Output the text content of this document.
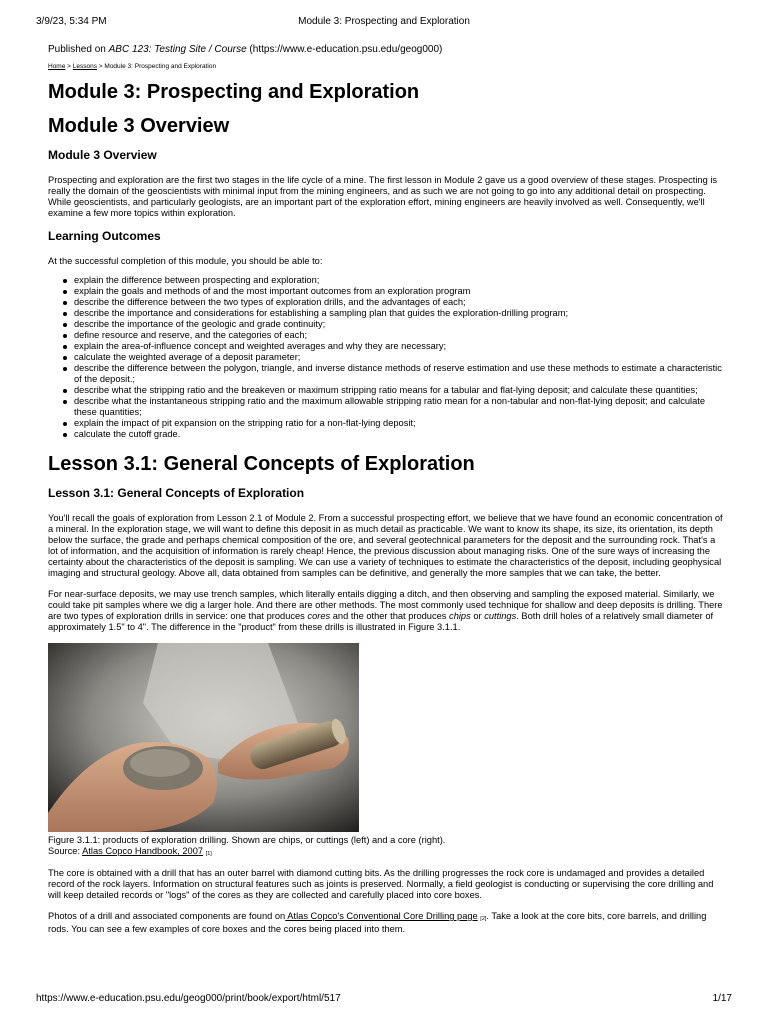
3/9/23, 5:34 PM	Module 3: Prospecting and Exploration
Published on ABC 123: Testing Site / Course (https://www.e-education.psu.edu/geog000)
Home > Lessons > Module 3: Prospecting and Exploration
Module 3: Prospecting and Exploration
Module 3 Overview
Module 3 Overview

Prospecting and exploration are the first two stages in the life cycle of a mine. The first lesson in Module 2 gave us a good overview of these stages. Prospecting is really the domain of the geoscientists with minimal input from the mining engineers, and as such we are not going to go into any additional detail on prospecting. While geoscientists, and particularly geologists, are an important part of the exploration effort, mining engineers are heavily involved as well. Consequently, we'll examine a few more topics within exploration.

Learning Outcomes

At the successful completion of this module, you should be able to:

explain the difference between prospecting and exploration;
explain the goals and methods of and the most important outcomes from an exploration program
describe the difference between the two types of exploration drills, and the advantages of each;
describe the importance and considerations for establishing a sampling plan that guides the exploration-drilling program;
describe the importance of the geologic and grade continuity;
define resource and reserve, and the categories of each;
explain the area-of-influence concept and weighted averages and why they are necessary;
calculate the weighted average of a deposit parameter;
describe the difference between the polygon, triangle, and inverse distance methods of reserve estimation and use these methods to estimate a characteristic of the deposit.;
describe what the stripping ratio and the breakeven or maximum stripping ratio means for a tabular and flat-lying deposit; and calculate these quantities;
describe what the instantaneous stripping ratio and the maximum allowable stripping ratio mean for a non-tabular and non-flat-lying deposit; and calculate these quantities;
explain the impact of pit expansion on the stripping ratio for a non-flat-lying deposit;
calculate the cutoff grade.
Lesson 3.1: General Concepts of Exploration
Lesson 3.1: General Concepts of Exploration

You'll recall the goals of exploration from Lesson 2.1 of Module 2. From a successful prospecting effort, we believe that we have found an economic concentration of a mineral. In the exploration stage, we will want to define this deposit in as much detail as practicable. We want to know its shape, its size, its orientation, its depth below the surface, the grade and perhaps chemical composition of the ore, and several geotechnical parameters for the deposit and the surrounding rock. That's a lot of information, and the acquisition of information is rarely cheap! Hence, the previous discussion about managing risks. One of the sure ways of increasing the certainty about the characteristics of the deposit is sampling. We can use a variety of techniques to estimate the characteristics of the deposit, including geophysical imaging and structural geology. Above all, data obtained from samples can be definitive, and generally the more samples that we can take, the better.

For near-surface deposits, we may use trench samples, which literally entails digging a ditch, and then observing and sampling the exposed material. Similarly, we could take pit samples where we dig a larger hole. And there are other methods. The most commonly used technique for shallow and deep deposits is drilling. There are two types of exploration drills in service: one that produces cores and the other that produces chips or cuttings. Both drill holes of a relatively small diameter of approximately 1.5" to 4". The difference in the "product" from these drills is illustrated in Figure 3.1.1.

Figure 3.1.1: products of exploration drilling. Shown are chips, or cuttings (left) and a core (right).
Source: Atlas Copco Handbook, 2007 [1]

The core is obtained with a drill that has an outer barrel with diamond cutting bits. As the drilling progresses the rock core is undamaged and provides a detailed record of the rock layers. Information on structural features such as joints is preserved. Normally, a field geologist is conducting or supervising the core drilling and will keep detailed records or "logs" of the cores as they are collected and carefully placed into core boxes.

Photos of a drill and associated components are found on Atlas Copco's Conventional Core Drilling page [2]. Take a look at the core bits, core barrels, and drilling rods. You can see a few examples of core boxes and the cores being placed into them.

https://www.e-education.psu.edu/geog000/print/book/export/html/517	1/17
